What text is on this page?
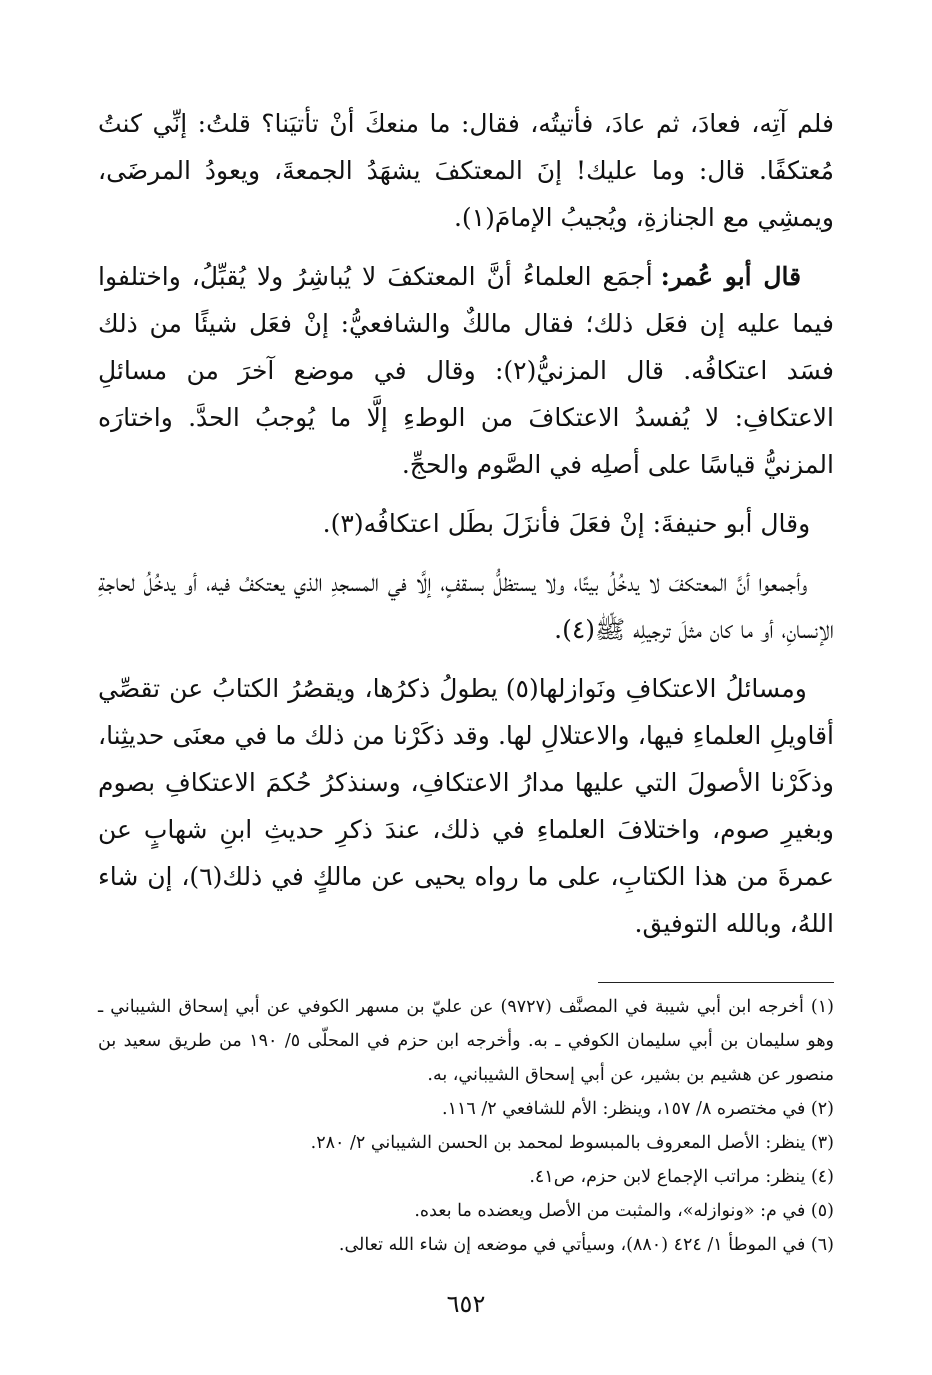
فلم آتِه، فعادَ، ثم عادَ، فأتيتُه، فقال: ما منعكَ أنْ تأتيَنا؟ قلتُ: إنِّي كنتُ مُعتكفًا. قال: وما عليك! إنَ المعتكفَ يشهَدُ الجمعةَ، ويعودُ المرضَى، ويمشِي مع الجنازةِ، ويُجيبُ الإمامَ(١).

قال أبو عُمر: أجمَع العلماءُ أنَّ المعتكفَ لا يُباشِرُ ولا يُقبِّلُ، واختلفوا فيما عليه إن فعَل ذلك؛ فقال مالكٌ والشافعيُّ: إنْ فعَل شيئًا من ذلك فسَد اعتكافُه. قال المزنيُّ(٢): وقال في موضع آخرَ من مسائلِ الاعتكافِ: لا يُفسدُ الاعتكافَ من الوطءِ إلَّا ما يُوجبُ الحدَّ. واختارَه المزنيُّ قياسًا على أصلِه في الصَّوم والحجِّ.

وقال أبو حنيفةَ: إنْ فعَلَ فأنزَلَ بطَل اعتكافُه(٣).

وأجمعوا أنَّ المعتكفَ لا يدخُلُ بيتًا، ولا يستظلُّ بسقفٍ، إلَّا في المسجدِ الذي يعتكفُ فيه، أو يدخُلُ لحاجةِ الإنسانِ، أو ما كان مثلَ ترجيلِه ﷺ(٤).

ومسائلُ الاعتكافِ ونَوازلها(٥) يطولُ ذكرُها، ويقصُرُ الكتابُ عن تقصِّي أقاويلِ العلماءِ فيها، والاعتلالِ لها. وقد ذكَرْنا من ذلك ما في معنَى حديثِنا، وذكَرْنا الأصولَ التي عليها مدارُ الاعتكافِ، وسنذكرُ حُكمَ الاعتكافِ بصوم وبغيرِ صوم، واختلافَ العلماءِ في ذلك، عندَ ذكرِ حديثِ ابنِ شهابٍ عن عمرةَ من هذا الكتابِ، على ما رواه يحيى عن مالكٍ في ذلك(٦)، إن شاء اللهُ، وبالله التوفيق.

(١) أخرجه ابن أبي شيبة في المصنَّف (٩٧٢٧) عن عليّ بن مسهر الكوفي عن أبي إسحاق الشيباني ـ وهو سليمان بن أبي سليمان الكوفي ـ به. وأخرجه ابن حزم في المحلّى ٥/ ١٩٠ من طريق سعيد بن منصور عن هشيم بن بشير، عن أبي إسحاق الشيباني، به.

(٢) في مختصره ٨/ ١٥٧، وينظر: الأم للشافعي ٢/ ١١٦.

(٣) ينظر: الأصل المعروف بالمبسوط لمحمد بن الحسن الشيباني ٢/ ٢٨٠.

(٤) ينظر: مراتب الإجماع لابن حزم، ص٤١.

(٥) في م: «ونوازله»، والمثبت من الأصل ويعضده ما بعده.

(٦) في الموطأ ١/ ٤٢٤ (٨٨٠)، وسيأتي في موضعه إن شاء الله تعالى.

٦٥٢
